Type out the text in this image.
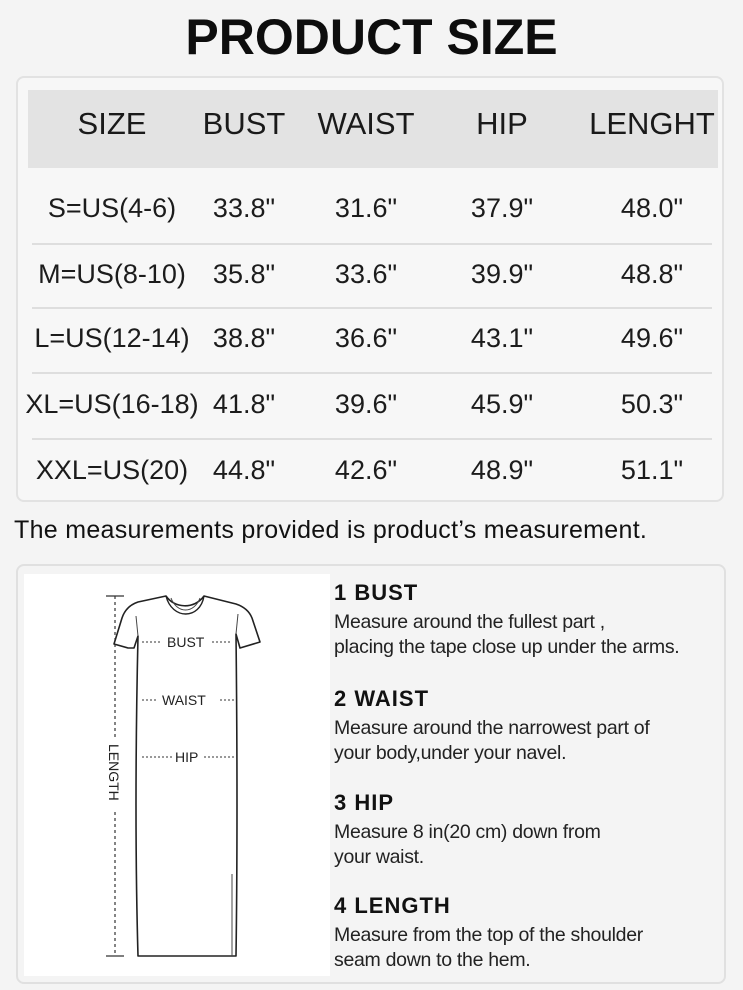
PRODUCT SIZE
SIZE BUST WAIST HIP LENGHT
S=US(4-6) 33.8" 31.6"	37.9"	48.0"
M=US(8-10) 35.8" 33.6"	39.9"	48.8"
L=US(12-14) 38.8" 36.6"	43.1"	49.6"
XL=US(16-18) 41.8" 39.6"	45.9"	50.3"
XXL=US(20) 44.8" 42.6"	48.9"	51.1"
The measurements provided is product’s measurement.
LENGTH
BUST
WAIST
HIP
1 BUST
Measure around the fullest part ,
placing the tape close up under the arms.
2 WAIST
Measure around the narrowest part of
your body,under your navel.
3 HIP
Measure 8 in(20 cm) down from
your waist.
4 LENGTH
Measure from the top of the shoulder
seam down to the hem.
